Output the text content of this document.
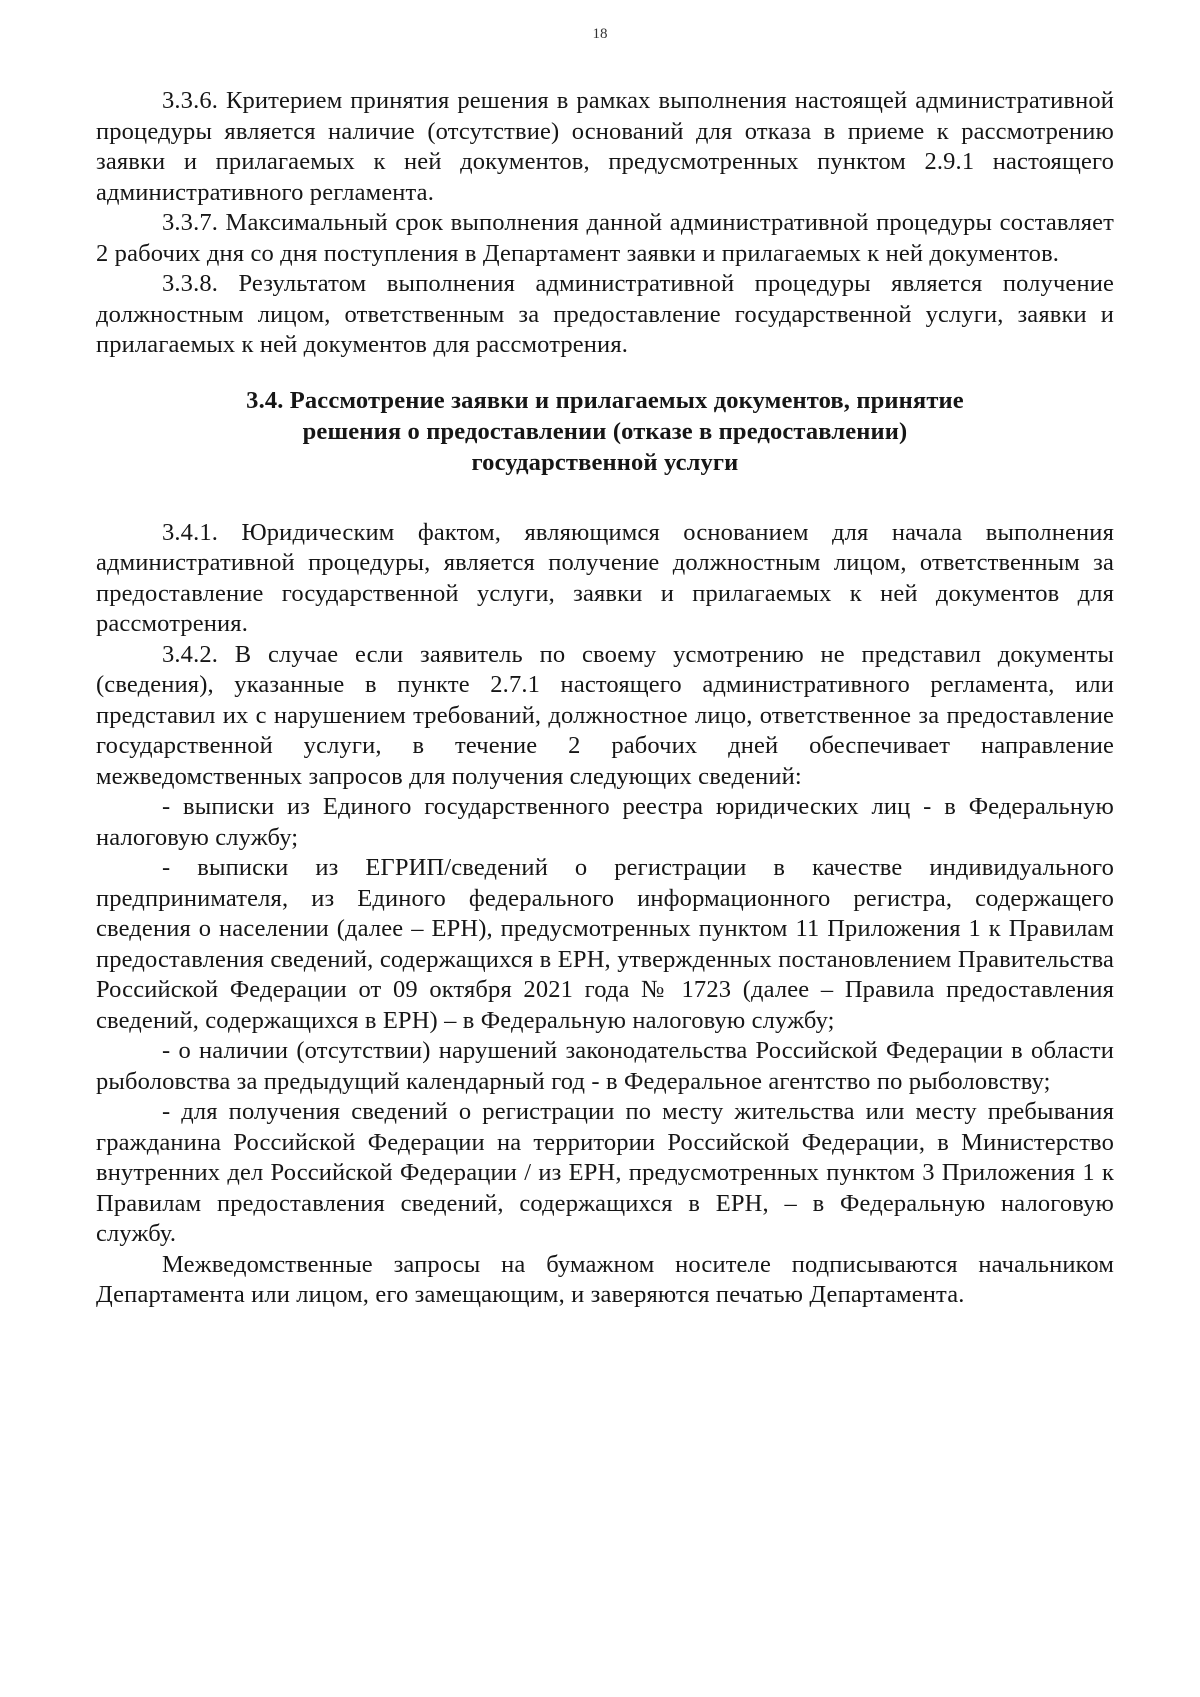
18

3.3.6. Критерием принятия решения в рамках выполнения настоящей административной процедуры является наличие (отсутствие) оснований для отказа в приеме к рассмотрению заявки и прилагаемых к ней документов, предусмотренных пунктом 2.9.1 настоящего административного регламента.

3.3.7. Максимальный срок выполнения данной административной процедуры составляет 2 рабочих дня со дня поступления в Департамент заявки и прилагаемых к ней документов.

3.3.8. Результатом выполнения административной процедуры является получение должностным лицом, ответственным за предоставление государственной услуги, заявки и прилагаемых к ней документов для рассмотрения.

3.4. Рассмотрение заявки и прилагаемых документов, принятие
решения о предоставлении (отказе в предоставлении)
государственной услуги

3.4.1. Юридическим фактом, являющимся основанием для начала выполнения административной процедуры, является получение должностным лицом, ответственным за предоставление государственной услуги, заявки и прилагаемых к ней документов для рассмотрения.

3.4.2. В случае если заявитель по своему усмотрению не представил документы (сведения), указанные в пункте 2.7.1 настоящего административного регламента, или представил их с нарушением требований, должностное лицо, ответственное за предоставление государственной услуги, в течение 2 рабочих дней обеспечивает направление межведомственных запросов для получения следующих сведений:

- выписки из Единого государственного реестра юридических лиц - в Федеральную налоговую службу;

- выписки из ЕГРИП/сведений о регистрации в качестве индивидуального предпринимателя, из Единого федерального информационного регистра, содержащего сведения о населении (далее – ЕРН), предусмотренных пунктом 11 Приложения 1 к Правилам предоставления сведений, содержащихся в ЕРН, утвержденных постановлением Правительства Российской Федерации от 09 октября 2021 года № 1723 (далее – Правила предоставления сведений, содержащихся в ЕРН) – в Федеральную налоговую службу;

- о наличии (отсутствии) нарушений законодательства Российской Федерации в области рыболовства за предыдущий календарный год - в Федеральное агентство по рыболовству;

- для получения сведений о регистрации по месту жительства или месту пребывания гражданина Российской Федерации на территории Российской Федерации, в Министерство внутренних дел Российской Федерации / из ЕРН, предусмотренных пунктом 3 Приложения 1 к Правилам предоставления сведений, содержащихся в ЕРН, – в Федеральную налоговую службу.

Межведомственные запросы на бумажном носителе подписываются начальником Департамента или лицом, его замещающим, и заверяются печатью Департамента.
